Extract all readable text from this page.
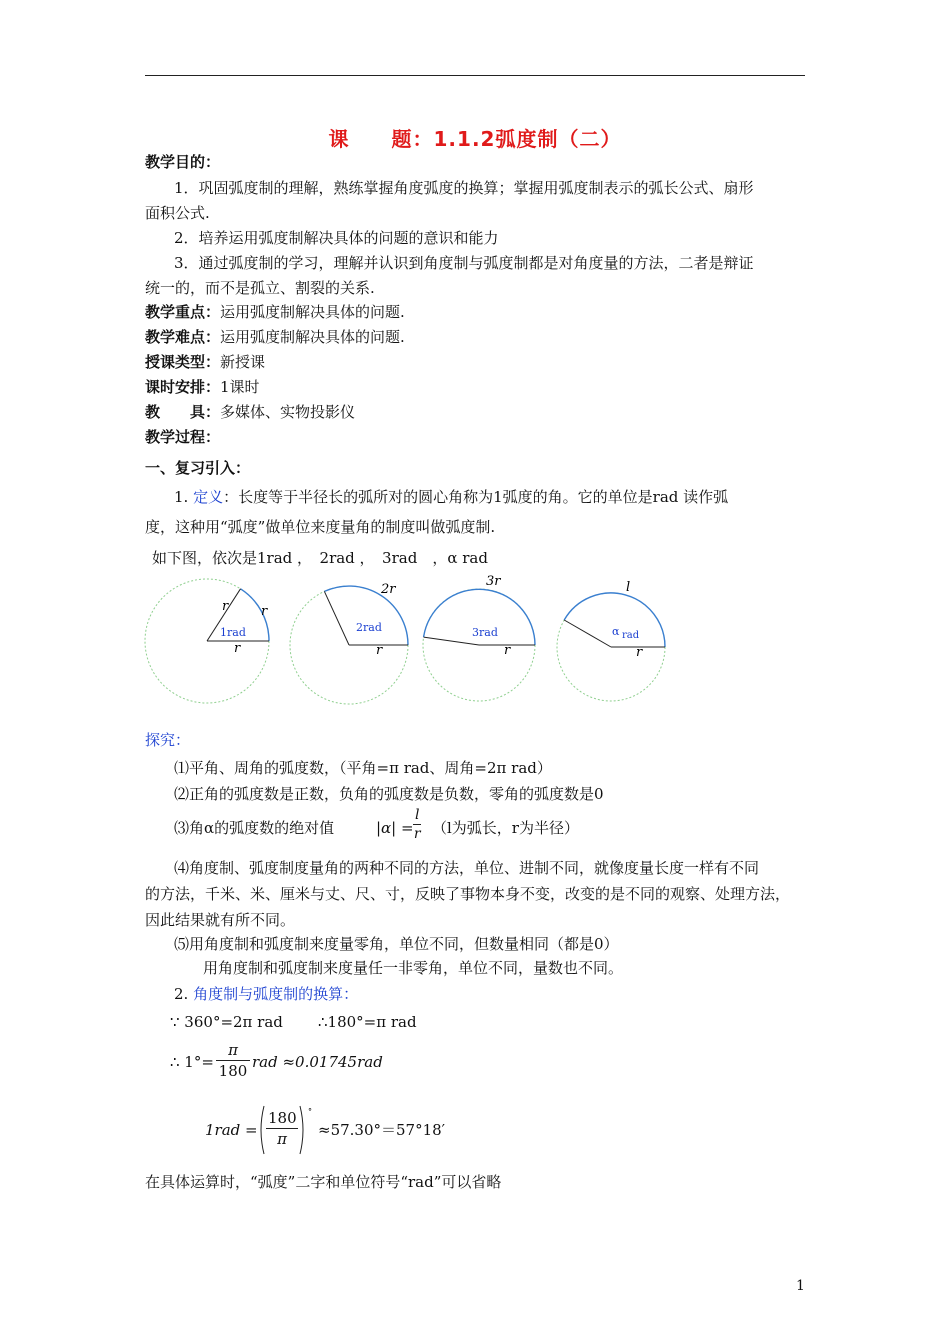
课　　题：1.1.2弧度制（二）
教学目的：
1．巩固弧度制的理解，熟练掌握角度弧度的换算；掌握用弧度制表示的弧长公式、扇形
面积公式.
2．培养运用弧度制解决具体的问题的意识和能力
3．通过弧度制的学习，理解并认识到角度制与弧度制都是对角度量的方法，二者是辩证
统一的，而不是孤立、割裂的关系.
教学重点：运用弧度制解决具体的问题.
教学难点：运用弧度制解决具体的问题.
授课类型：新授课
课时安排：1课时
教　　具：多媒体、实物投影仪
教学过程：
一、复习引入：
1. 定义：长度等于半径长的弧所对的圆心角称为1弧度的角。它的单位是rad 读作弧
度，这种用“弧度”做单位来度量角的制度叫做弧度制.
如下图，依次是1rad ，　2rad ，　3rad　，α rad
1rad
r	r
r
2rad
2r
r
3rad
3r
r
α rad
l
r
探究：
⑴平角、周角的弧度数，（平角=π rad、周角=2π rad）
⑵正角的弧度数是正数，负角的弧度数是负数，零角的弧度数是0
⑶角α的弧度数的绝对值	$|\alpha| = \frac{l}{r} (l$为弧长，r为半径）
⑷角度制、弧度制度量角的两种不同的方法，单位、进制不同，就像度量长度一样有不同
的方法，千米、米、厘米与丈、尺、寸，反映了事物本身不变，改变的是不同的观察、处理方法，
因此结果就有所不同。
⑸用角度制和弧度制来度量零角，单位不同，但数量相同（都是0）
用角度制和弧度制来度量任一非零角，单位不同，量数也不同。
2. 角度制与弧度制的换算：
∵ 360°=2π rad ∴180°=π rad
∴ $1^\circ= \frac{\pi}{180}$ rad ≈0.01745rad
1rad =
°
$\frac{180}{\pi} \approx 57.30^\circ=57^\circ 18'$
在具体运算时，“弧度”二字和单位符号“rad”可以省略
1
